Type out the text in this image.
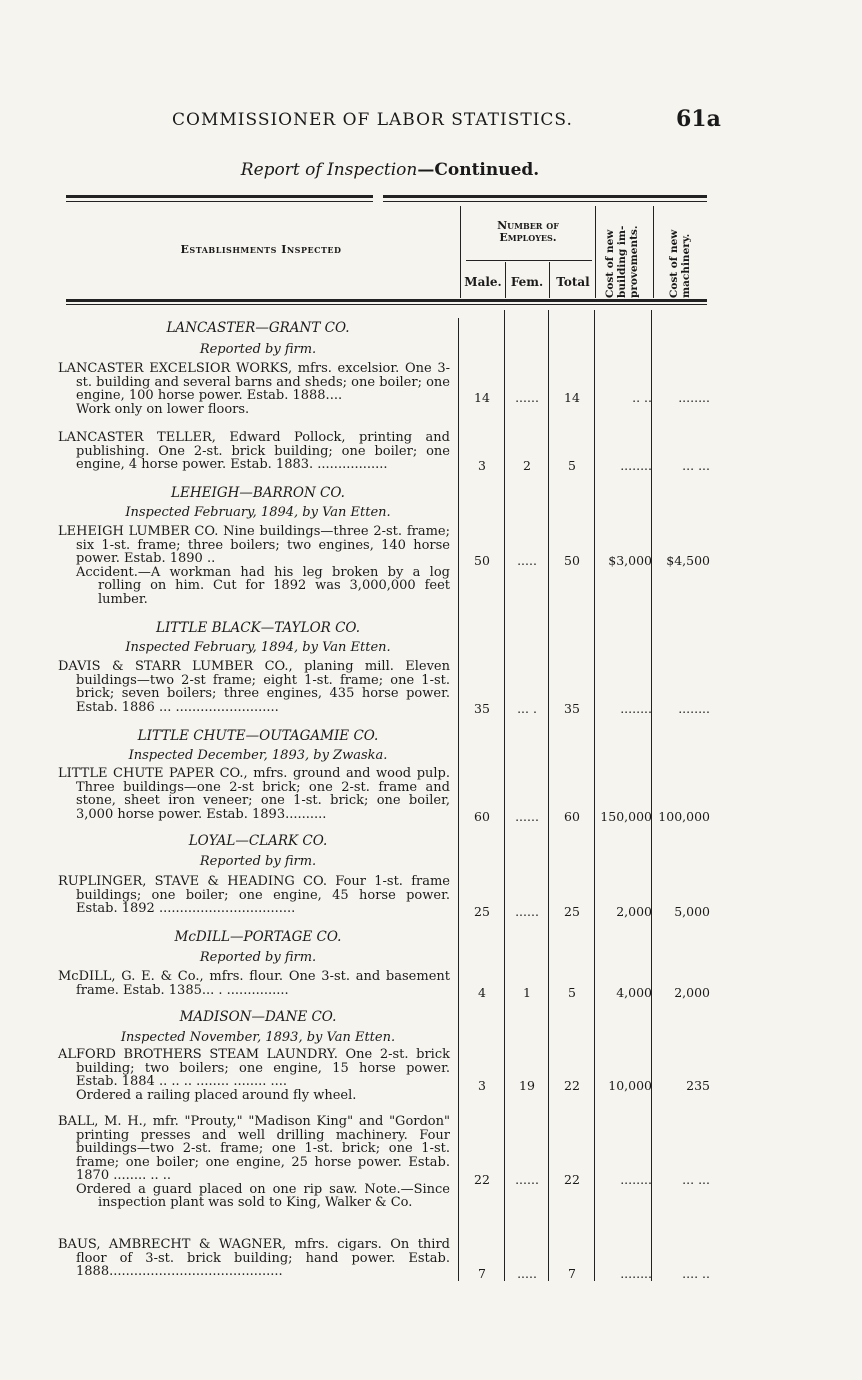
COMMISSIONER OF LABOR STATISTICS.	61a
Report of Inspection—Continued.
Establishments Inspected
Number of Employes.
Male. Fem.	Total	Cost of new building im-provements.	Cost of new machinery.
LANCASTER—GRANT CO.
Reported by firm.
LANCASTER EXCELSIOR WORKS, mfrs. excelsior. One 3-st. building and several barns and sheds; one boiler; one engine, 100 horse power. Estab. 1888....
Work only on lower floors.
14	......	14	.. ..	........
LANCASTER TELLER, Edward Pollock, printing and publishing. One 2-st. brick building; one boiler; one engine, 4 horse power. Estab. 1883. .................	3	2	5	........	... ...
LEHEIGH—BARRON CO.
Inspected February, 1894, by Van Etten.
LEHEIGH LUMBER CO. Nine buildings—three 2-st. frame; six 1-st. frame; three boilers; two engines, 140 horse power. Estab. 1890 ..
Accident.—A workman had his leg broken by a log rolling on him. Cut for 1892 was 3,000,000 feet lumber.
50	.....	50	$3,000	$4,500
LITTLE BLACK—TAYLOR CO.
Inspected February, 1894, by Van Etten.
DAVIS & STARR LUMBER CO., planing mill. Eleven buildings—two 2-st frame; eight 1-st. frame; one 1-st. brick; seven boilers; three engines, 435 horse power. Estab. 1886 ... .........................	35	... .	35	........	........
LITTLE CHUTE—OUTAGAMIE CO.
Inspected December, 1893, by Zwaska.
LITTLE CHUTE PAPER CO., mfrs. ground and wood pulp. Three buildings—one 2-st brick; one 2-st. frame and stone, sheet iron veneer; one 1-st. brick; one boiler, 3,000 horse power. Estab. 1893..........	60	......	60	150,000 100,000
LOYAL—CLARK CO.
Reported by firm.
RUPLINGER, STAVE & HEADING CO. Four 1-st. frame buildings; one boiler; one engine, 45 horse power. Estab. 1892 .................................	25	......	25	2,000	5,000
McDILL—PORTAGE CO.
Reported by firm.
McDILL, G. E. & Co., mfrs. flour. One 3-st. and basement frame. Estab. 1385... . ...............	4	1	5	4,000	2,000
MADISON—DANE CO.
Inspected November, 1893, by Van Etten.
ALFORD BROTHERS STEAM LAUNDRY. One 2-st. brick building; two boilers; one engine, 15 horse power. Estab. 1884 .. .. .. ........ ........ ....
Ordered a railing placed around fly wheel.
3	19	22	10,000	235
BALL, M. H., mfr. "Prouty," "Madison King" and "Gordon" printing presses and well drilling machinery. Four buildings—two 2-st. frame; one 1-st. brick; one 1-st. frame; one boiler; one engine, 25 horse power. Estab. 1870 ........ .. ..
Ordered a guard placed on one rip saw. Note.—Since inspection plant was sold to King, Walker & Co.
22	......	22	........	... ...
BAUS, AMBRECHT & WAGNER, mfrs. cigars. On third floor of 3-st. brick building; hand power. Estab. 1888..........................................	7	.....	7	........	.... ..
